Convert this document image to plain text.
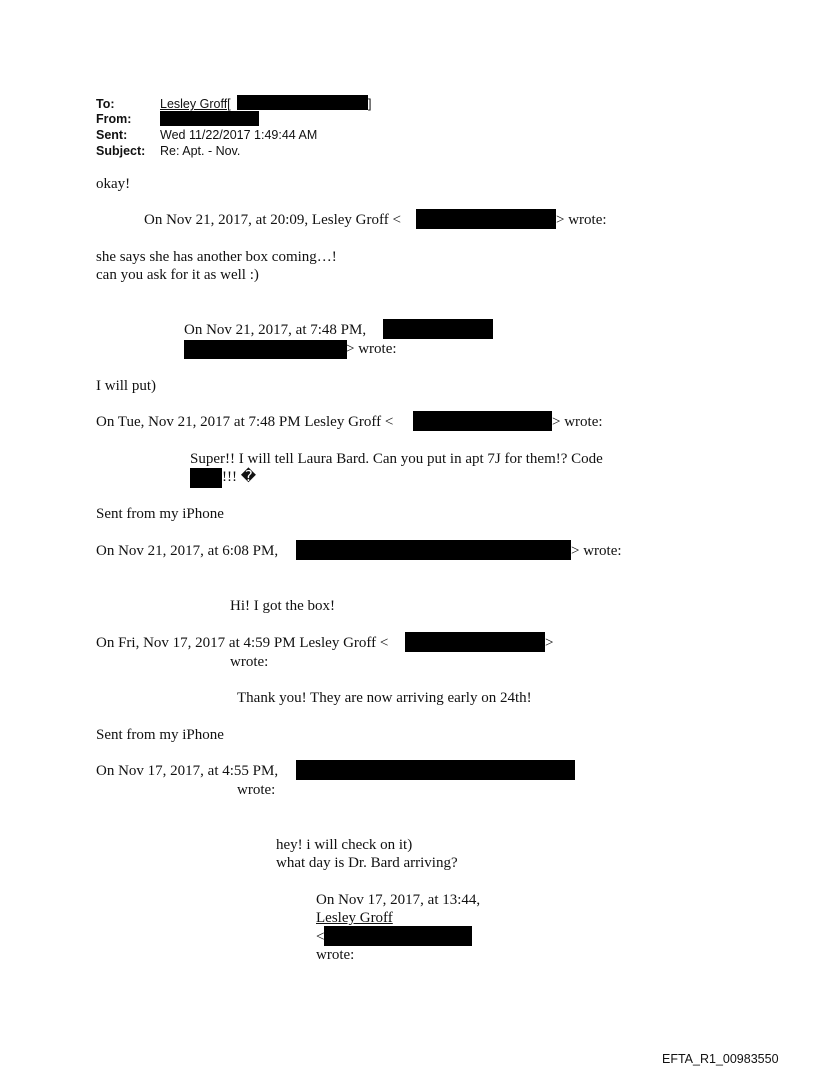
To:	Lesley Groff[	]
From:
Sent:	Wed 11/22/2017 1:49:44 AM
Subject: Re: Apt. - Nov.
okay!
On Nov 21, 2017, at 20:09, Lesley Groff <	> wrote:
she says she has another box coming…!
can you ask for it as well :)
On Nov 21, 2017, at 7:48 PM,
> wrote:
I will put)
On Tue, Nov 21, 2017 at 7:48 PM Lesley Groff <	> wrote:
Super!! I will tell Laura Bard. Can you put in apt 7J for them!? Code
!!! �
Sent from my iPhone
On Nov 21, 2017, at 6:08 PM,	> wrote:
Hi! I got the box!
On Fri, Nov 17, 2017 at 4:59 PM Lesley Groff <	>
wrote:
Thank you! They are now arriving early on 24th!
Sent from my iPhone
On Nov 17, 2017, at 4:55 PM,
wrote:
hey! i will check on it)
what day is Dr. Bard arriving?
On Nov 17, 2017, at 13:44,
Lesley Groff
<
wrote:
EFTA_R1_00983550
